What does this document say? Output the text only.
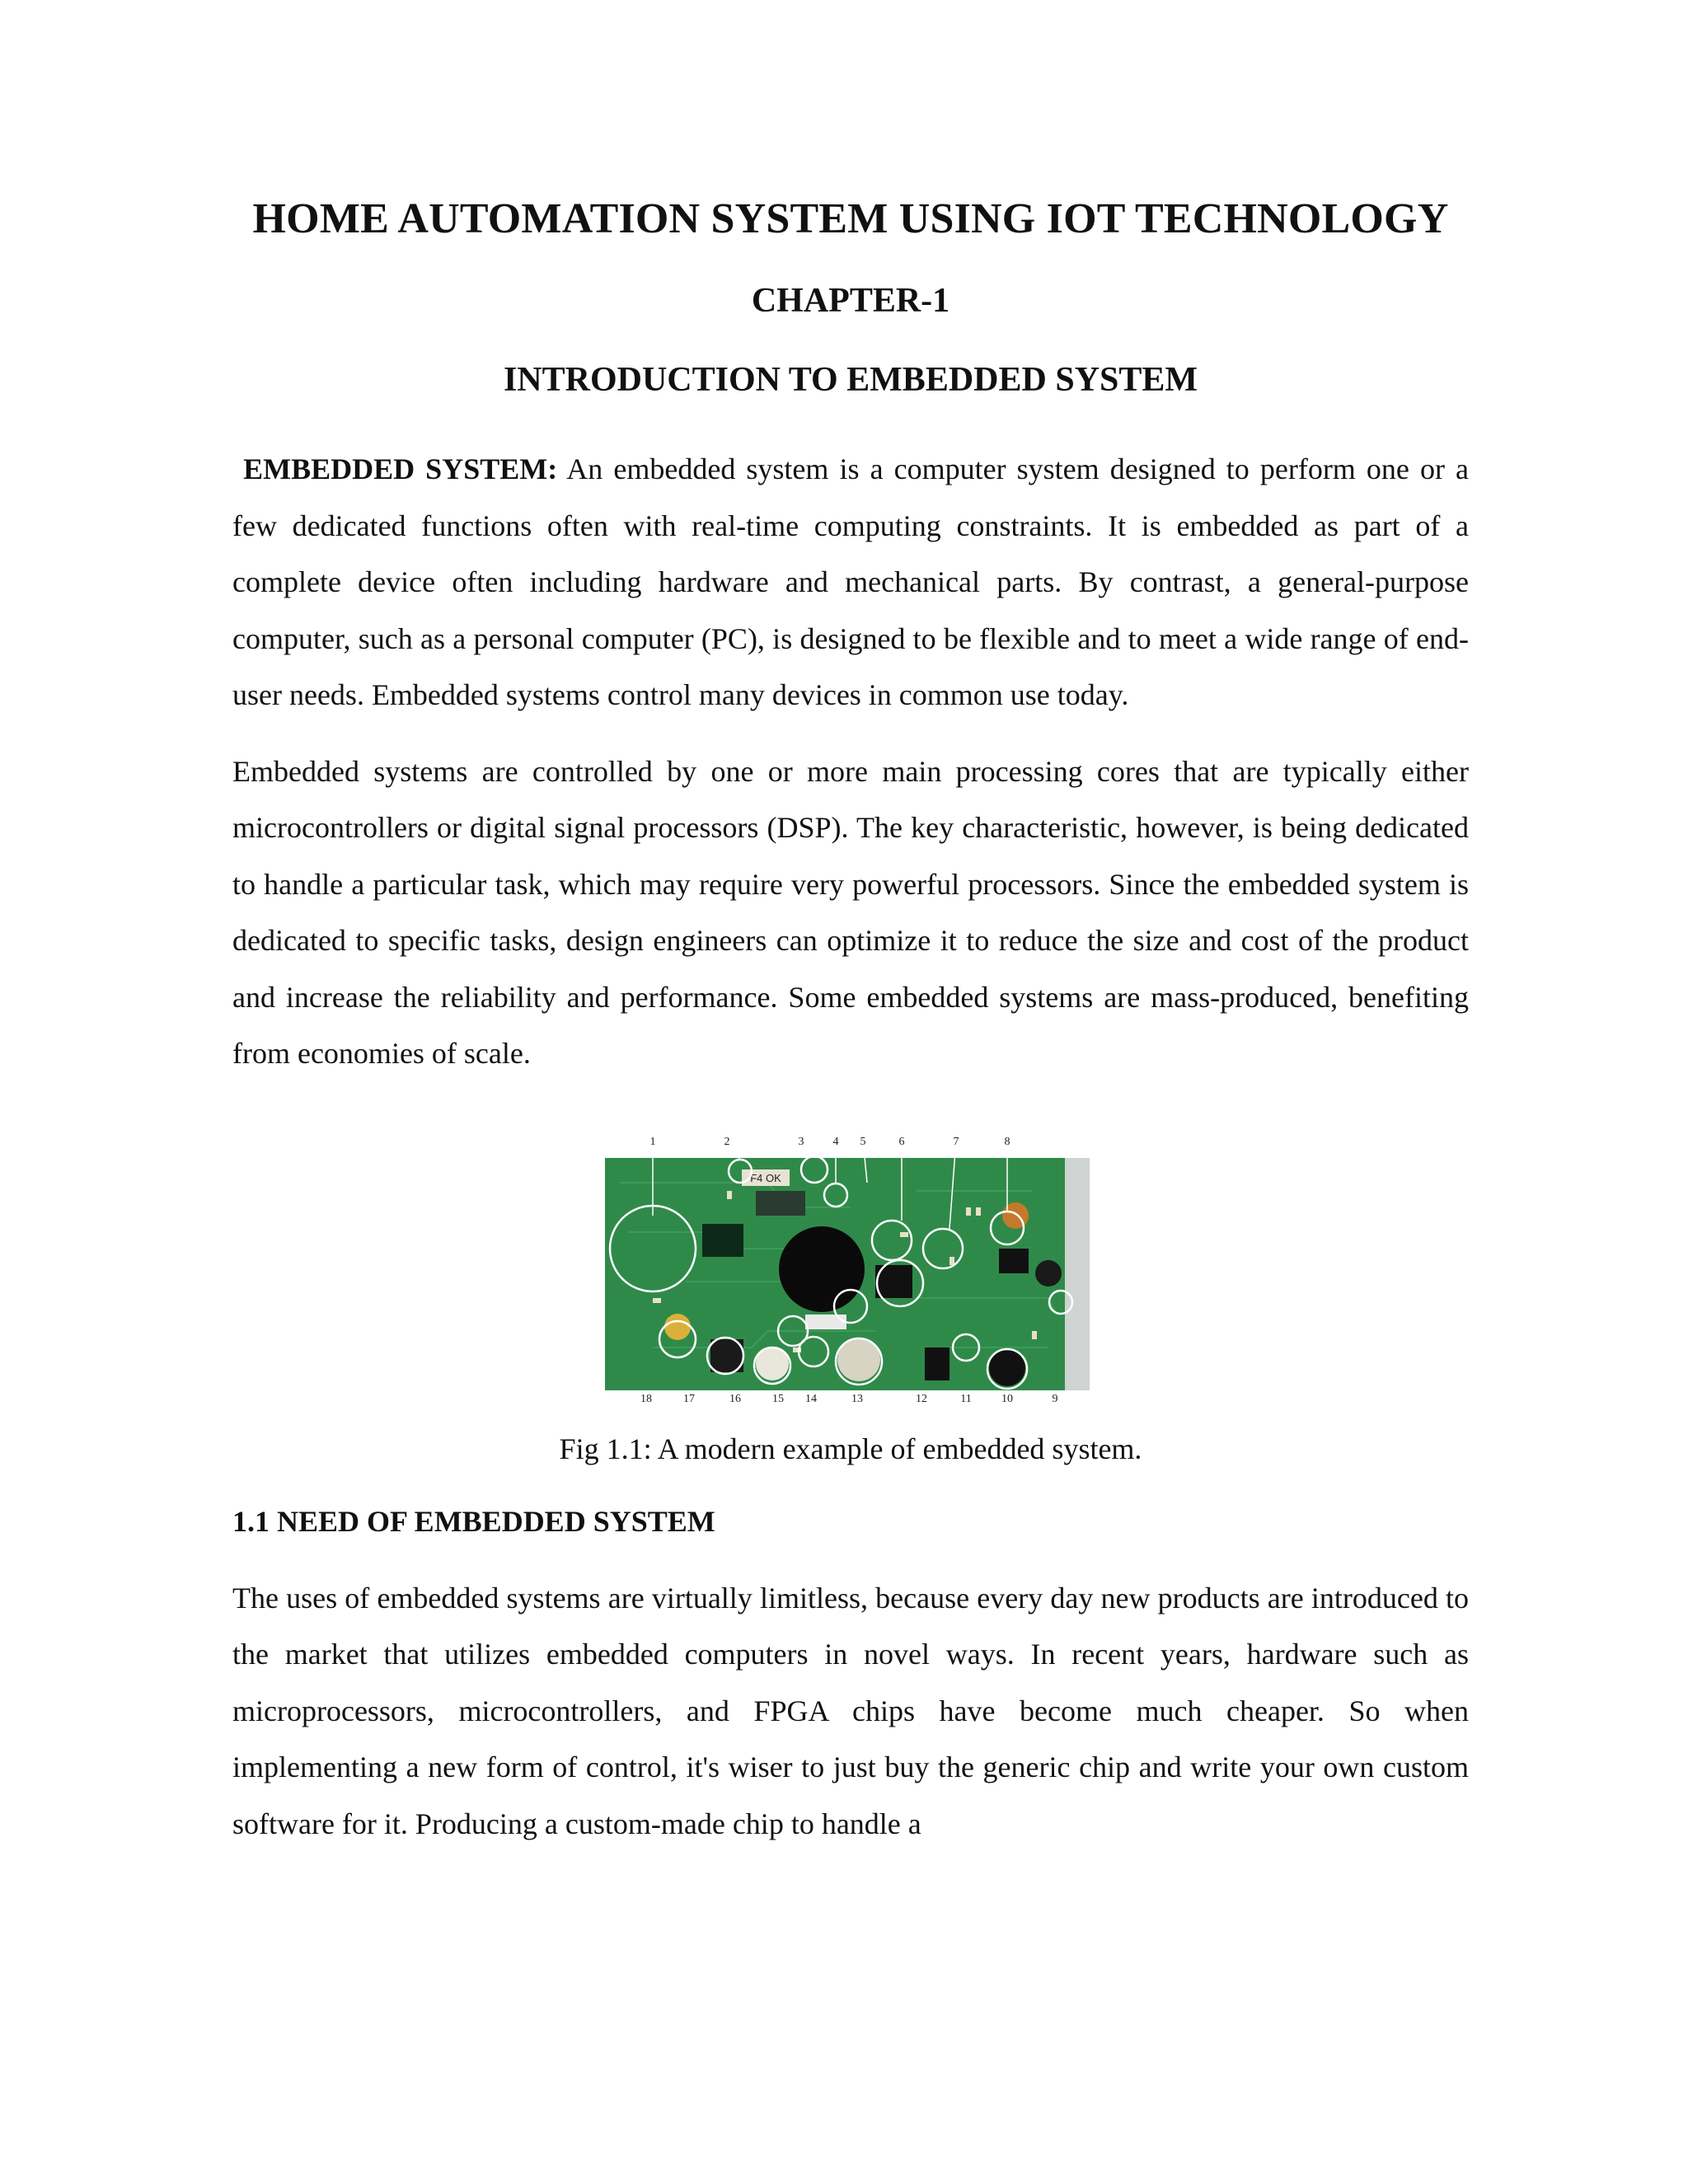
HOME AUTOMATION SYSTEM USING IOT TECHNOLOGY
CHAPTER-1
INTRODUCTION TO EMBEDDED SYSTEM

EMBEDDED SYSTEM: An embedded system is a computer system designed to perform one or a few dedicated functions often with real-time computing constraints. It is embedded as part of a complete device often including hardware and mechanical parts. By contrast, a general-purpose computer, such as a personal computer (PC), is designed to be flexible and to meet a wide range of end-user needs. Embedded systems control many devices in common use today.

Embedded systems are controlled by one or more main processing cores that are typically either microcontrollers or digital signal processors (DSP). The key characteristic, however, is being dedicated to handle a particular task, which may require very powerful processors. Since the embedded system is dedicated to specific tasks, design engineers can optimize it to reduce the size and cost of the product and increase the reliability and performance. Some embedded systems are mass-produced, benefiting from economies of scale.

F4 OK
1	2	3	4 5	6	7	8
18	17	16	15 14	13	12	11	10	9

Fig 1.1: A modern example of embedded system.

1.1 NEED OF EMBEDDED SYSTEM

The uses of embedded systems are virtually limitless, because every day new products are introduced to the market that utilizes embedded computers in novel ways. In recent years, hardware such as microprocessors, microcontrollers, and FPGA chips have become much cheaper. So when implementing a new form of control, it's wiser to just buy the generic chip and write your own custom software for it. Producing a custom-made chip to handle a
